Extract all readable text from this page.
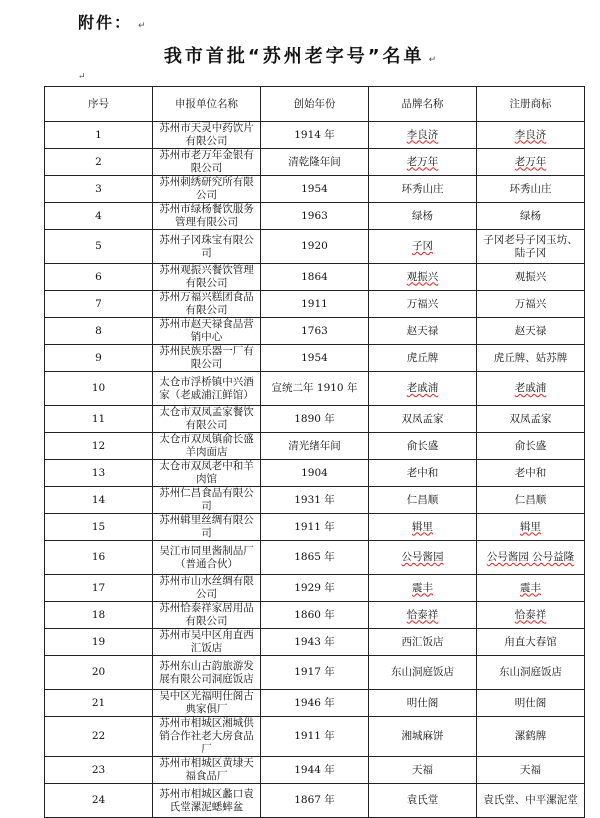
附件： ↵
我市首批“苏州老字号”名单 ↵
↵
序号	申报单位名称	创始年份	品牌名称	注册商标
1	苏州市天灵中药饮片有限公司	1914 年	李良济	李良济
2	苏州市老万年金银有限公司	清乾隆年间	老万年	老万年
3	苏州刺绣研究所有限公司	1954	环秀山庄	环秀山庄
4	苏州市绿杨餐饮服务管理有限公司	1963	绿杨	绿杨
5	苏州子冈珠宝有限公司	1920	子冈	子冈老号子冈玉坊、陆子冈
6	苏州观振兴餐饮管理有限公司	1864	观振兴	观振兴
7	苏州万福兴糕团食品有限公司	1911	万福兴	万福兴
8	苏州市赵天禄食品营销中心	1763	赵天禄	赵天禄
9	苏州民族乐器一厂有限公司	1954	虎丘牌	虎丘牌、姑苏牌
10	太仓市浮桥镇中兴酒家（老戚浦江鲜馆）	宣统二年 1910 年	老戚浦	老戚浦
11	太仓市双凤孟家餐饮有限公司	1890 年	双凤孟家	双凤孟家
12	太仓市双凤镇俞长盛羊肉面店	清光绪年间	俞长盛	俞长盛
13	太仓市双凤老中和羊肉馆	1904	老中和	老中和
14	苏州仁昌食品有限公司	1931 年	仁昌顺	仁昌顺
15	苏州辑里丝绸有限公司	1911 年	辑里	辑里
16	吴江市同里酱制品厂（普通合伙）	1865 年	公号酱园	公号酱园 公号益隆
17	苏州市山水丝绸有限公司	1929 年	震丰	震丰
18	苏州恰泰祥家居用品有限公司	1860 年	恰泰祥	恰泰祥
19	苏州市吴中区甪直西汇饭店	1943 年	西汇饭店	甪直大春馆
20	苏州东山古韵旅游发展有限公司洞庭饭店	1917 年	东山洞庭饭店	东山洞庭饭店
21	吴中区光福明仕阁古典家俱厂	1946 年	明仕阁	明仕阁
22	苏州市相城区湘城供销合作社老大房食品厂	1911 年	湘城麻饼	漯鹤牌
23	苏州市相城区黄埭天福食品厂	1944 年	天福	天福
24	苏州市相城区蠡口袁氏堂漯泥蟋蟀盆	1867 年	袁氏堂	袁氏堂、中平漯泥堂
